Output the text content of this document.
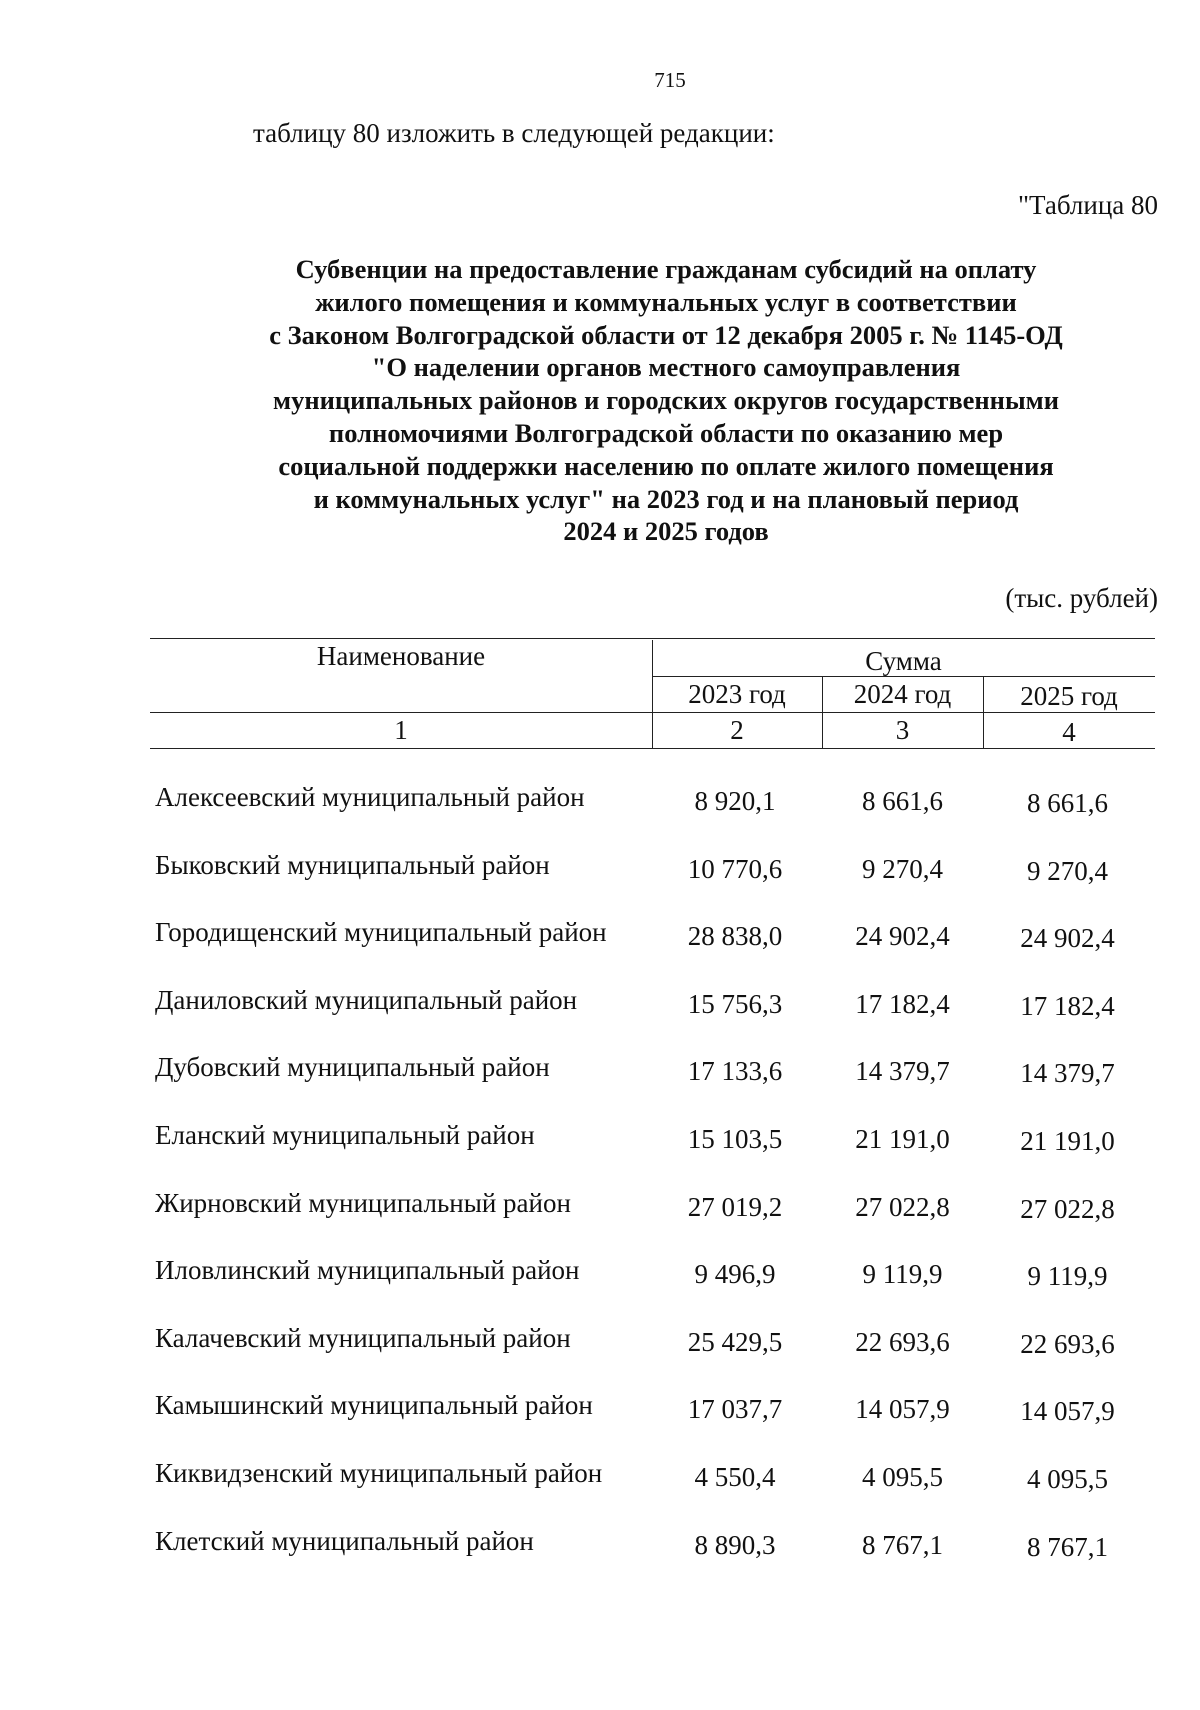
715
таблицу 80 изложить в следующей редакции:
"Таблица 80
Субвенции на предоставление гражданам субсидий на оплату
жилого помещения и коммунальных услуг в соответствии
с Законом Волгоградской области от 12 декабря 2005 г. № 1145-ОД
"О наделении органов местного самоуправления
муниципальных районов и городских округов государственными
полномочиями Волгоградской области по оказанию мер
социальной поддержки населению по оплате жилого помещения
и коммунальных услуг" на 2023 год и на плановый период
2024 и 2025 годов
(тыс. рублей)
Наименование	Сумма
2023 год	2024 год	2025 год
1	2	3	4
Алексеевский муниципальный район	8 920,1	8 661,6	8 661,6
Быковский муниципальный район	10 770,6	9 270,4	9 270,4
Городищенский муниципальный район	28 838,0	24 902,4	24 902,4
Даниловский муниципальный район	15 756,3	17 182,4	17 182,4
Дубовский муниципальный район	17 133,6	14 379,7	14 379,7
Еланский муниципальный район	15 103,5	21 191,0	21 191,0
Жирновский муниципальный район	27 019,2	27 022,8	27 022,8
Иловлинский муниципальный район	9 496,9	9 119,9	9 119,9
Калачевский муниципальный район	25 429,5	22 693,6	22 693,6
Камышинский муниципальный район	17 037,7	14 057,9	14 057,9
Киквидзенский муниципальный район	4 550,4	4 095,5	4 095,5
Клетский муниципальный район	8 890,3	8 767,1	8 767,1
